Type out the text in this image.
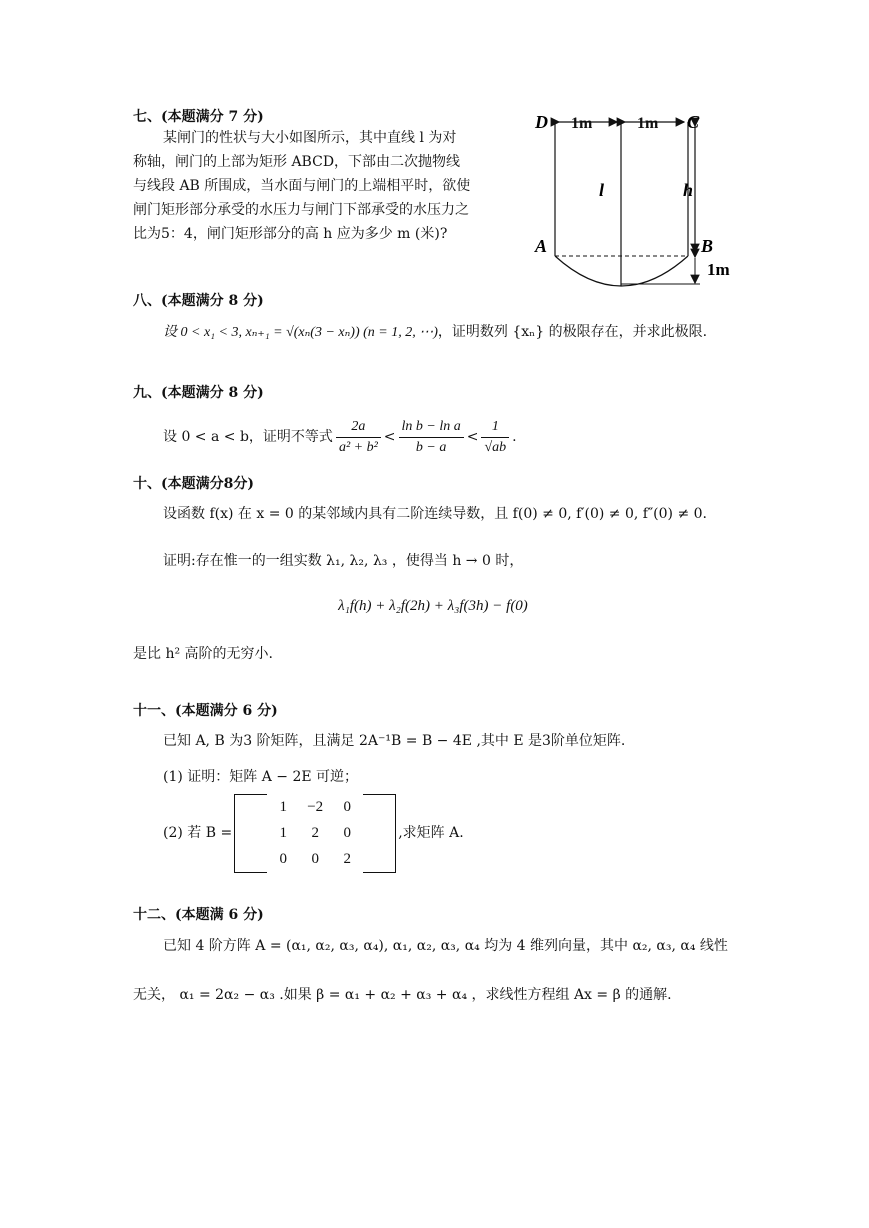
七、(本题满分 7 分)
某闸门的性状与大小如图所示，其中直线 l 为对
称轴，闸门的上部为矩形 ABCD，下部由二次抛物线
与线段 AB 所围成，当水面与闸门的上端相平时，欲使
闸门矩形部分承受的水压力与闸门下部承受的水压力之
比为5：4，闸门矩形部分的高 h 应为多少 m (米)?
D	C
A	B
l	h
1m	1m
1m
八、(本题满分 8 分)
设 0 < x₁ < 3, xₙ₊₁ = √(xₙ(3 − xₙ)) (n = 1, 2, ⋯)，证明数列 {xₙ} 的极限存在，并求此极限.
九、(本题满分 8 分)
设 0 < a < b，证明不等式 $\frac{2a}{\text{a² + b²}} < \frac{\text{ln b − ln a}}{b - a} < \frac{1}{√ab}$ .
十、(本题满分8分)
设函数 f(x) 在 x = 0 的某邻域内具有二阶连续导数，且 f(0) ≠ 0, f′(0) ≠ 0, f″(0) ≠ 0.
证明:存在惟一的一组实数 λ₁, λ₂, λ₃ ，使得当 h → 0 时，
λ₁f(h) + λ₂f(2h) + λ₃f(3h) − f(0)
是比 h² 高阶的无穷小.
十一、(本题满分 6 分)
已知 A, B 为3 阶矩阵，且满足 2A⁻¹B = B − 4E ,其中 E 是3阶单位矩阵.
(1) 证明：矩阵 A − 2E 可逆；
(2) 若 B =
	1	−2	0	
	1	2	0	
	0	0	2	
,求矩阵 A.
十二、(本题满 6 分)
已知 4 阶方阵 A = (α₁, α₂, α₃, α₄), α₁, α₂, α₃, α₄ 均为 4 维列向量，其中 α₂, α₃, α₄ 线性
无关， α₁ = 2α₂ − α₃ .如果 β = α₁ + α₂ + α₃ + α₄ ，求线性方程组 Ax = β 的通解.
